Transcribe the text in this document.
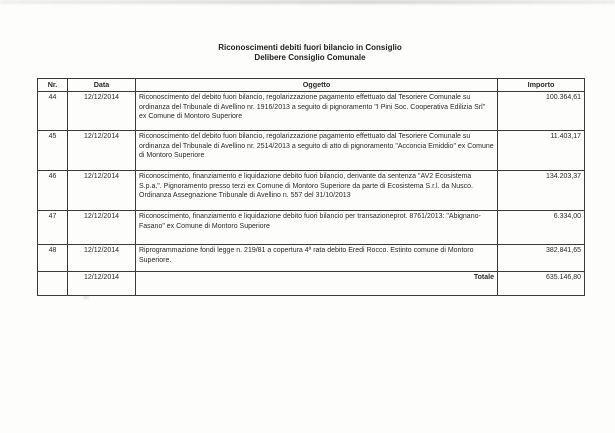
Riconoscimenti debiti fuori bilancio in Consiglio
Delibere Consiglio Comunale
Nr.	Data	Oggetto	Importo
44	12/12/2014	Riconoscimento del debito fuori bilancio, regolarizzazione pagamento effettuato dal Tesoriere Comunale su ordinanza del Tribunale di Avellino nr. 1916/2013 a seguito di pignoramento "I Pini Soc. Cooperativa Edilizia Srl" ex Comune di Montoro Superiore	100.364,61
45	12/12/2014	Riconoscimento del debito fuori bilancio, regolarizzazione pagamento effettuato dal Tesoriere Comunale su ordinanza del Tribunale di Avellino nr. 2514/2013 a seguito di atto di pignoramento "Acconcia Emiddio" ex Comune di Montoro Superiore	11.403,17
46	12/12/2014	Riconoscimento, finanziamento e liquidazione debito fuori bilancio, derivante da sentenza "AV2 Ecosistema S.p.a.". Pignoramento presso terzi ex Comune di Montoro Superiore da parte di Ecosistema S.r.l. da Nusco. Ordinanza Assegnazione Tribunale di Avellino n. 557 del 31/10/2013	134.203,37
47	12/12/2014	Riconoscimento, finanziamento e liquidazione debito fuori bilancio per transazioneprot. 8761/2013: "Abignano-Fasano" ex Comune di Montoro Superiore	6.334,00
48	12/12/2014	Riprogrammazione fondi legge n. 219/81 a copertura 4ª rata debito Eredi Rocco. Estinto comune di Montoro Superiore.	382.841,65
	12/12/2014	Totale	635.146,80
